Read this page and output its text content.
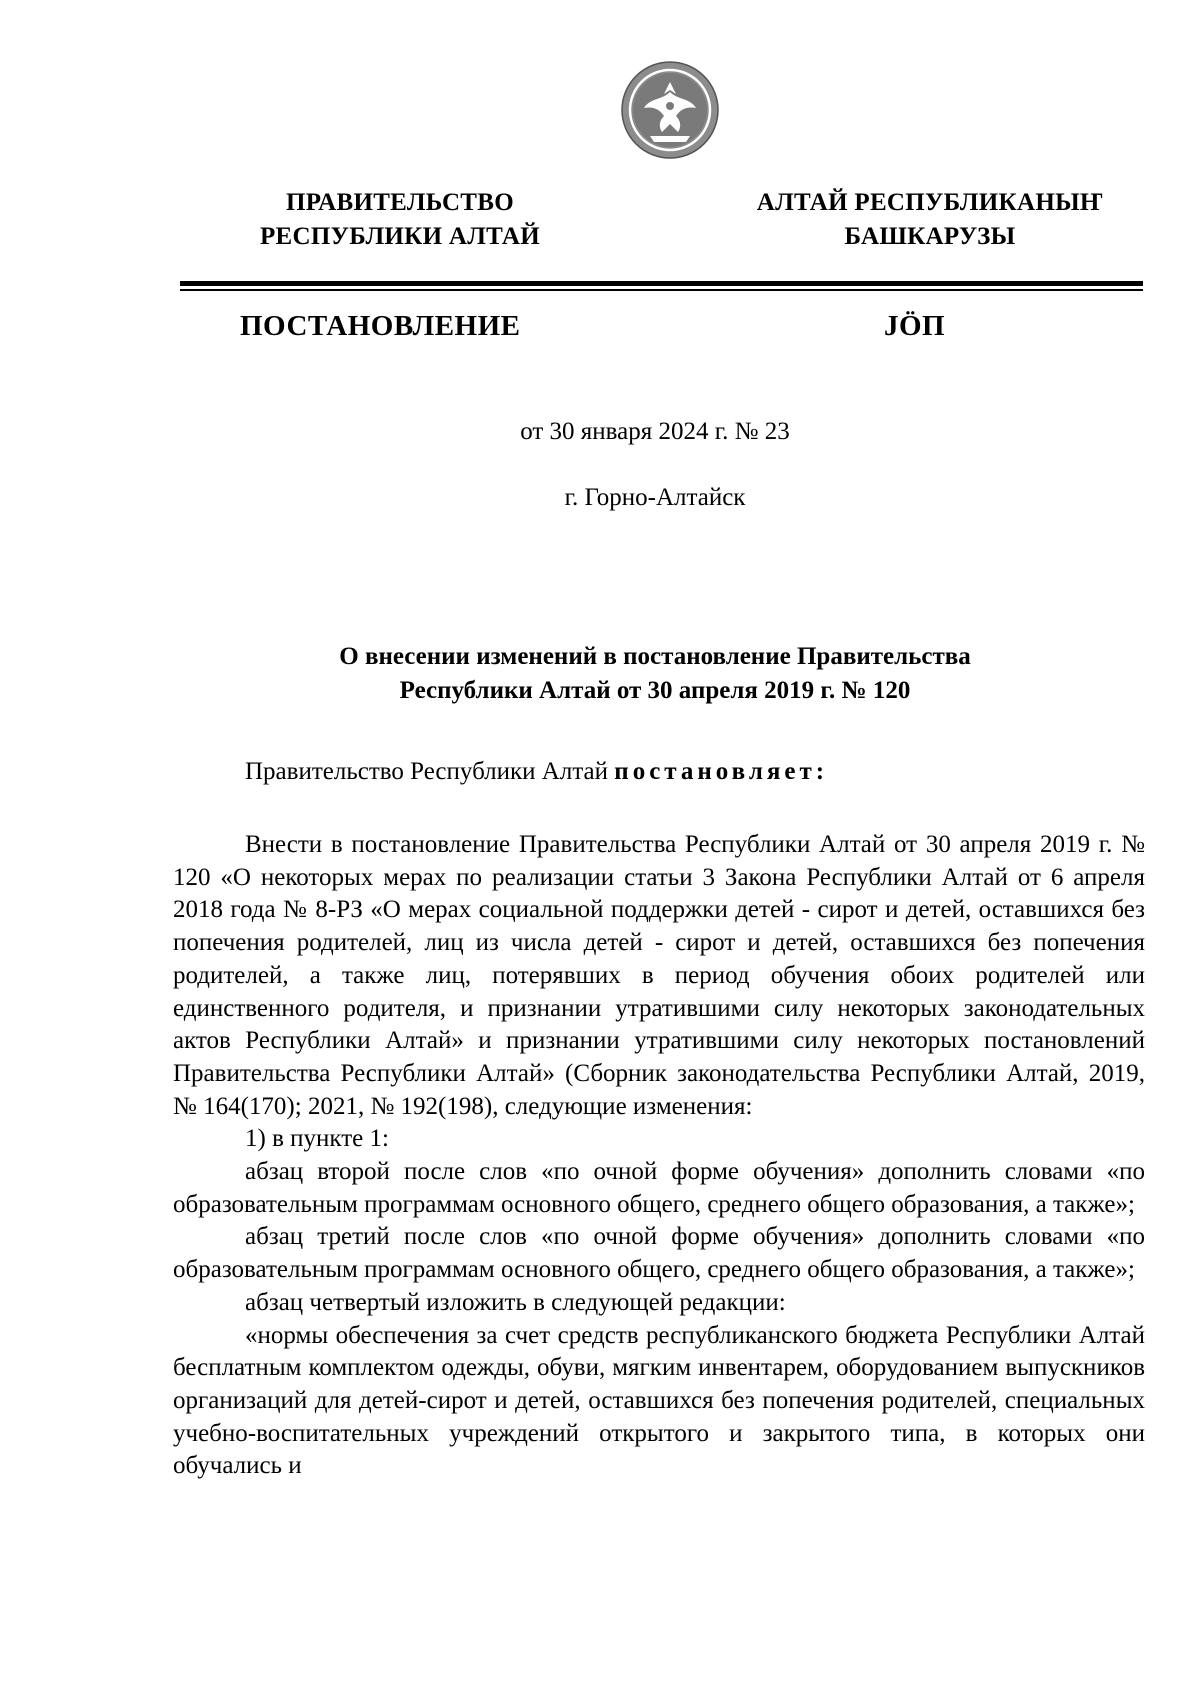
ПРАВИТЕЛЬСТВО
РЕСПУБЛИКИ АЛТАЙ
АЛТАЙ РЕСПУБЛИКАНЫҤ
БАШКАРУЗЫ
ПОСТАНОВЛЕНИЕ	JÖП
от 30 января 2024 г. № 23
г. Горно-Алтайск
О внесении изменений в постановление Правительства
Республики Алтай от 30 апреля 2019 г. № 120
Правительство Республики Алтай постановляет:

Внести в постановление Правительства Республики Алтай от 30 апреля 2019 г. № 120 «О некоторых мерах по реализации статьи 3 Закона Республики Алтай от 6 апреля 2018 года № 8-РЗ «О мерах социальной поддержки детей - сирот и детей, оставшихся без попечения родителей, лиц из числа детей - сирот и детей, оставшихся без попечения родителей, а также лиц, потерявших в период обучения обоих родителей или единственного родителя, и признании утратившими силу некоторых законодательных актов Республики Алтай» и признании утратившими силу некоторых постановлений Правительства Республики Алтай» (Сборник законодательства Республики Алтай, 2019, № 164(170); 2021, № 192(198), следующие изменения:

1) в пункте 1:

абзац второй после слов «по очной форме обучения» дополнить словами «по образовательным программам основного общего, среднего общего образования, а также»;

абзац третий после слов «по очной форме обучения» дополнить словами «по образовательным программам основного общего, среднего общего образования, а также»;

абзац четвертый изложить в следующей редакции:

«нормы обеспечения за счет средств республиканского бюджета Республики Алтай бесплатным комплектом одежды, обуви, мягким инвентарем, оборудованием выпускников организаций для детей-сирот и детей, оставшихся без попечения родителей, специальных учебно-воспитательных учреждений открытого и закрытого типа, в которых они обучались и
